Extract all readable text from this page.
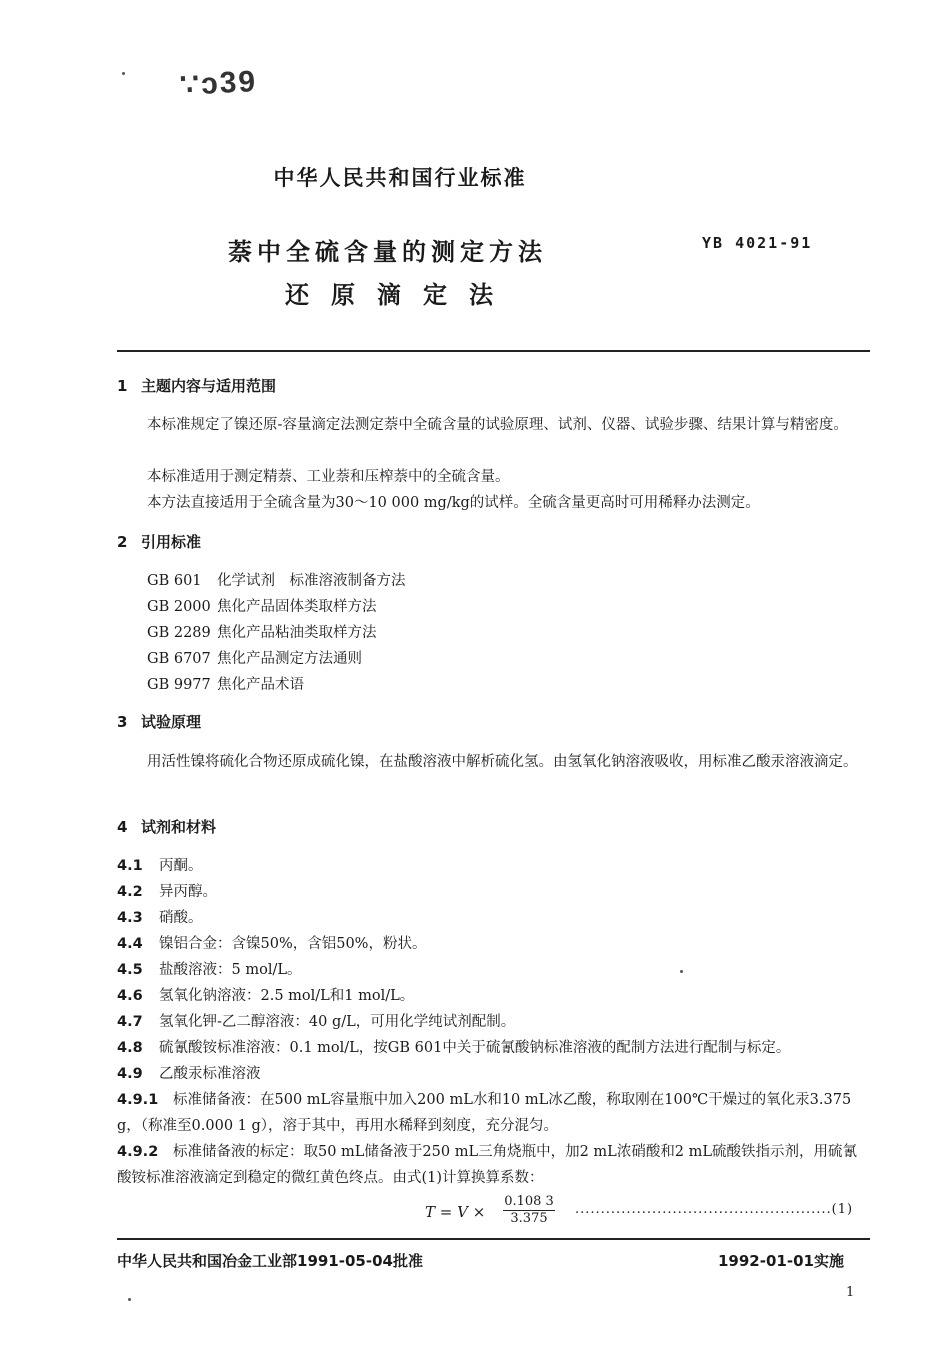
∵ɔ39
中华人民共和国行业标准
萘中全硫含量的测定方法
还原滴定法
YB 4021-91
1 主题内容与适用范围
本标准规定了镍还原-容量滴定法测定萘中全硫含量的试验原理、试剂、仪器、试验步骤、结果计算与精密度。
本标准适用于测定精萘、工业萘和压榨萘中的全硫含量。
本方法直接适用于全硫含量为30～10 000 mg/kg的试样。全硫含量更高时可用稀释办法测定。
2 引用标准
GB 601 化学试剂　标准溶液制备方法
GB 2000 焦化产品固体类取样方法
GB 2289 焦化产品粘油类取样方法
GB 6707 焦化产品测定方法通则
GB 9977 焦化产品术语
3 试验原理
用活性镍将硫化合物还原成硫化镍，在盐酸溶液中解析硫化氢。由氢氧化钠溶液吸收，用标准乙酸汞溶液滴定。
4 试剂和材料
4.1 丙酮。
4.2 异丙醇。
4.3 硝酸。
4.4 镍铝合金：含镍50%，含铝50%，粉状。
4.5 盐酸溶液：5 mol/L。
4.6 氢氧化钠溶液：2.5 mol/L和1 mol/L。
4.7 氢氧化钾-乙二醇溶液：40 g/L，可用化学纯试剂配制。
4.8 硫氰酸铵标准溶液：0.1 mol/L，按GB 601中关于硫氰酸钠标准溶液的配制方法进行配制与标定。
4.9 乙酸汞标准溶液
4.9.1 标准储备液：在500 mL容量瓶中加入200 mL水和10 mL冰乙酸，称取刚在100℃干燥过的氧化汞3.375 g，（称准至0.000 1 g），溶于其中，再用水稀释到刻度，充分混匀。
4.9.2 标准储备液的标定：取50 mL储备液于250 mL三角烧瓶中，加2 mL浓硝酸和2 mL硫酸铁指示剂，用硫氰酸铵标准溶液滴定到稳定的微红黄色终点。由式(1)计算换算系数：
$T = V \times \frac{0.108 3}{3.375} ..................................................(1)$
中华人民共和国冶金工业部1991-05-04批准	1992-01-01实施
1
